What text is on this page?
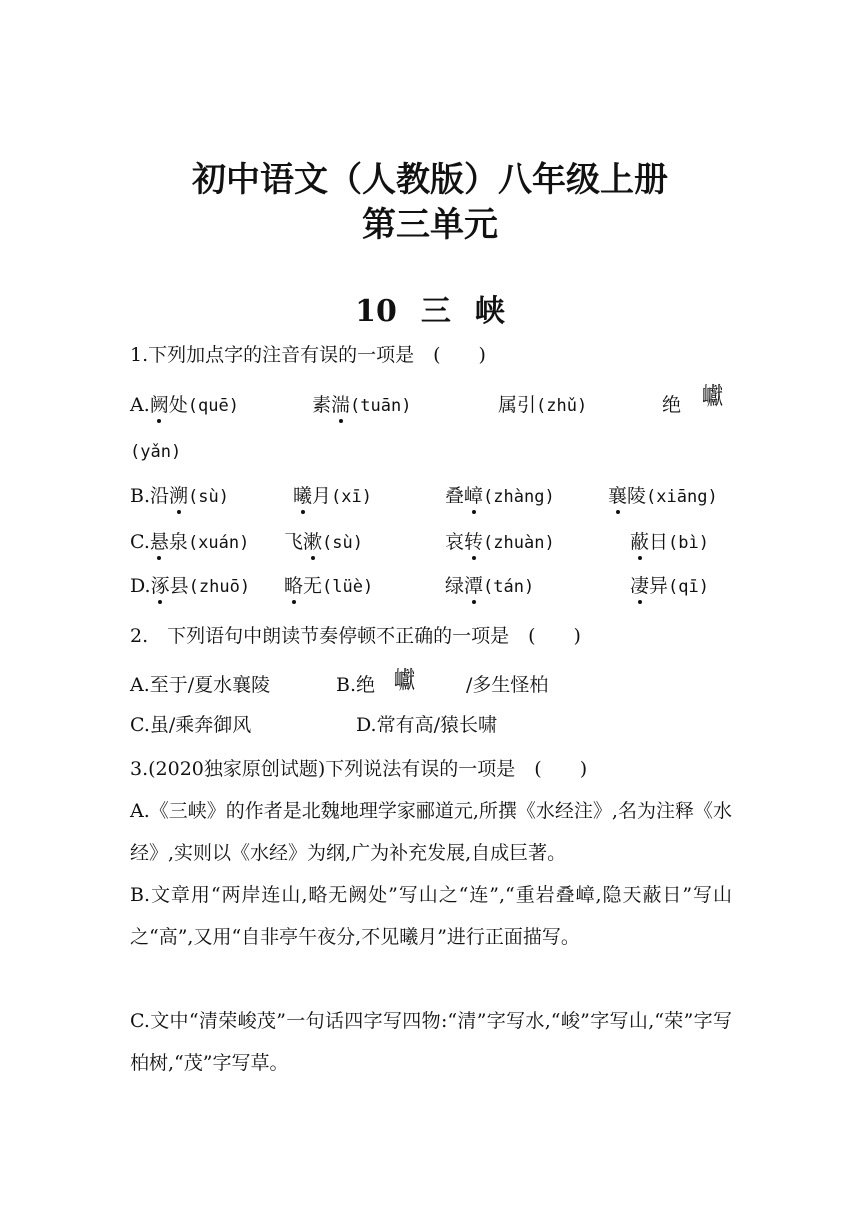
初中语文（人教版）八年级上册
第三单元
10 三 峡
1.下列加点字的注音有误的一项是　(　　)
A.阙处(quē)	素湍(tuān)	属引(zhǔ)	绝 巘
(yǎn)
B.沿溯(sù)	曦月(xī)	叠嶂(zhàng)	襄陵(xiāng)
C.悬泉(xuán) 飞漱(sù)	哀转(zhuàn)	蔽日(bì)
D.涿县(zhuō) 略无(lüè)	绿潭(tán)	凄异(qī)
2.　下列语句中朗读节奏停顿不正确的一项是　(　　)
A.至于/夏水襄陵	B.绝 巘	/多生怪柏
C.虽/乘奔御风	D.常有高/猿长啸
3.(2020独家原创试题)下列说法有误的一项是　(　　)
A.《三峡》的作者是北魏地理学家郦道元,所撰《水经注》,名为注释《水经》,实则以《水经》为纲,广为补充发展,自成巨著。
B.文章用“两岸连山,略无阙处”写山之“连”,“重岩叠嶂,隐天蔽日”写山之“高”,又用“自非亭午夜分,不见曦月”进行正面描写。
C.文中“清荣峻茂”一句话四字写四物:“清”字写水,“峻”字写山,“荣”字写柏树,“茂”字写草。
